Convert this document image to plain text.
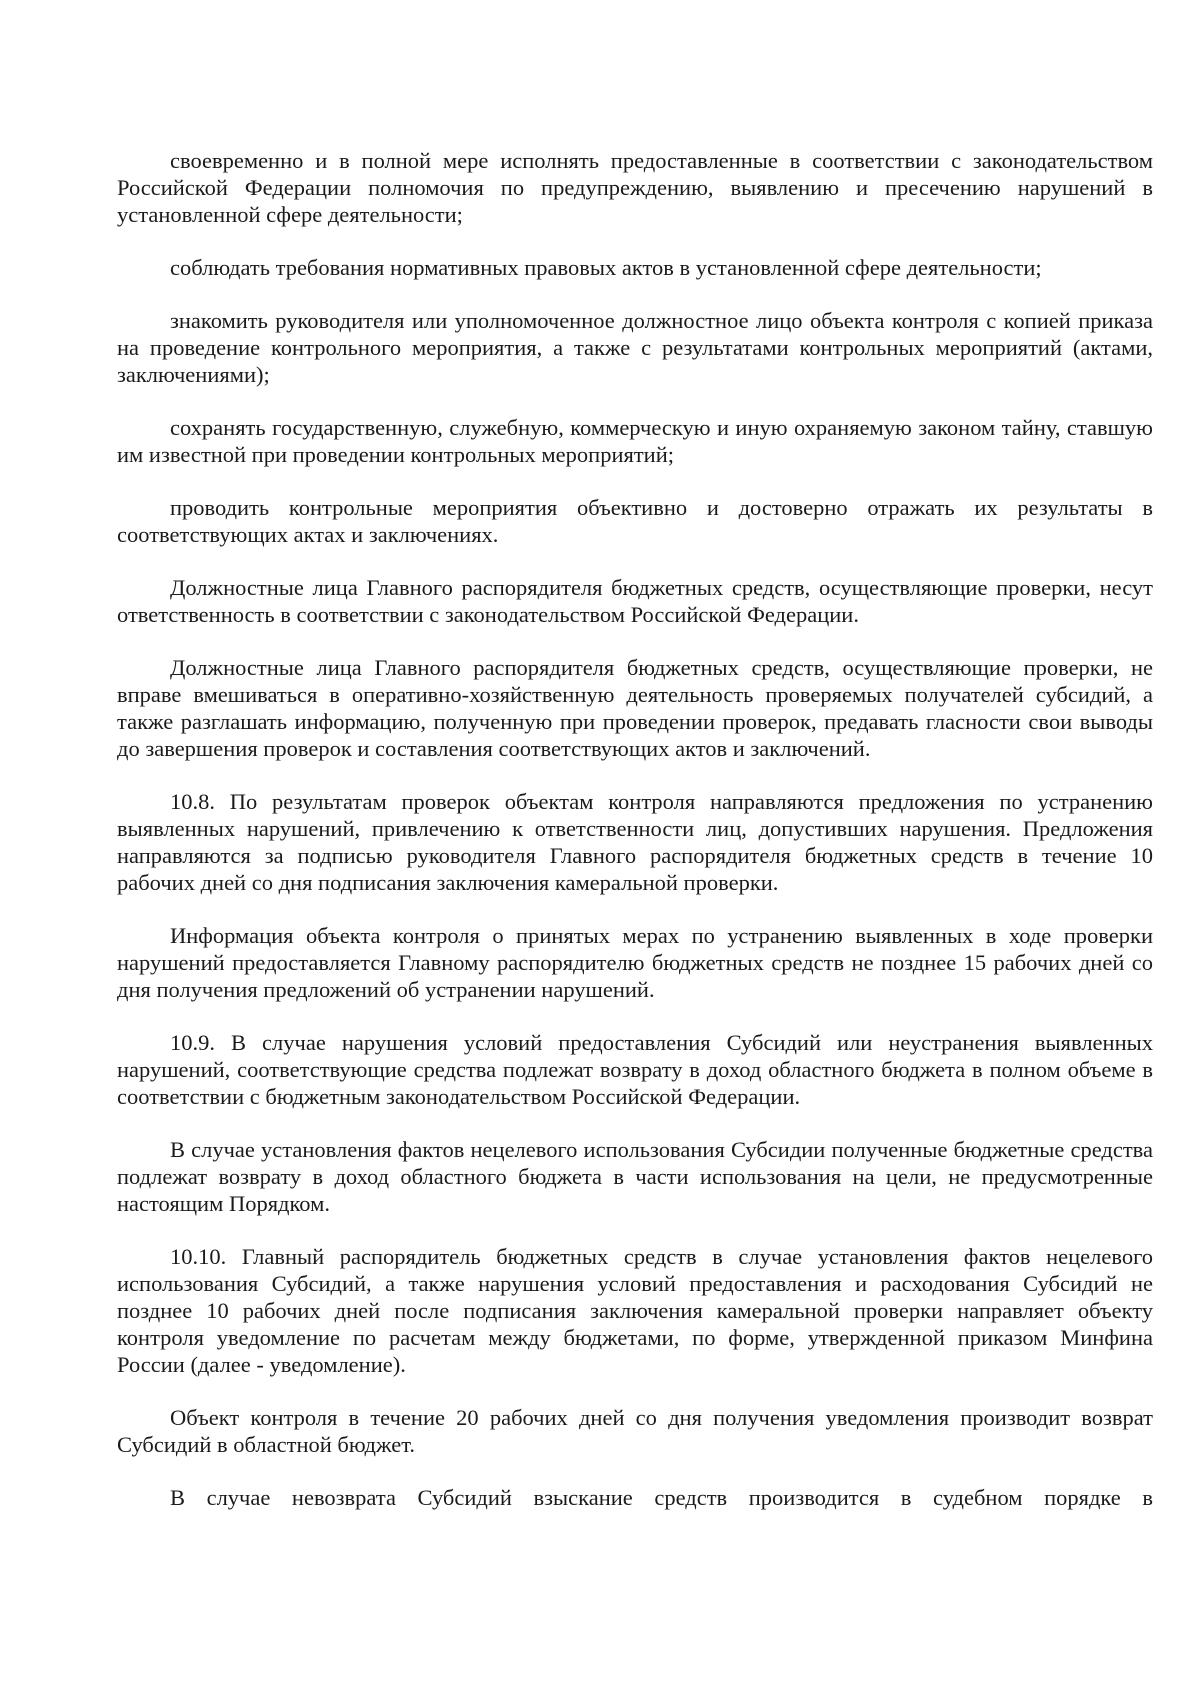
своевременно и в полной мере исполнять предоставленные в соответствии с законодательством Российской Федерации полномочия по предупреждению, выявлению и пресечению нарушений в установленной сфере деятельности;

соблюдать требования нормативных правовых актов в установленной сфере деятельности;

знакомить руководителя или уполномоченное должностное лицо объекта контроля с копией приказа на проведение контрольного мероприятия, а также с результатами контрольных мероприятий (актами, заключениями);

сохранять государственную, служебную, коммерческую и иную охраняемую законом тайну, ставшую им известной при проведении контрольных мероприятий;

проводить контрольные мероприятия объективно и достоверно отражать их результаты в соответствующих актах и заключениях.

Должностные лица Главного распорядителя бюджетных средств, осуществляющие проверки, несут ответственность в соответствии с законодательством Российской Федерации.

Должностные лица Главного распорядителя бюджетных средств, осуществляющие проверки, не вправе вмешиваться в оперативно-хозяйственную деятельность проверяемых получателей субсидий, а также разглашать информацию, полученную при проведении проверок, предавать гласности свои выводы до завершения проверок и составления соответствующих актов и заключений.

10.8. По результатам проверок объектам контроля направляются предложения по устранению выявленных нарушений, привлечению к ответственности лиц, допустивших нарушения. Предложения направляются за подписью руководителя Главного распорядителя бюджетных средств в течение 10 рабочих дней со дня подписания заключения камеральной проверки.

Информация объекта контроля о принятых мерах по устранению выявленных в ходе проверки нарушений предоставляется Главному распорядителю бюджетных средств не позднее 15 рабочих дней со дня получения предложений об устранении нарушений.

10.9. В случае нарушения условий предоставления Субсидий или неустранения выявленных нарушений, соответствующие средства подлежат возврату в доход областного бюджета в полном объеме в соответствии с бюджетным законодательством Российской Федерации.

В случае установления фактов нецелевого использования Субсидии полученные бюджетные средства подлежат возврату в доход областного бюджета в части использования на цели, не предусмотренные настоящим Порядком.

10.10. Главный распорядитель бюджетных средств в случае установления фактов нецелевого использования Субсидий, а также нарушения условий предоставления и расходования Субсидий не позднее 10 рабочих дней после подписания заключения камеральной проверки направляет объекту контроля уведомление по расчетам между бюджетами, по форме, утвержденной приказом Минфина России (далее - уведомление).

Объект контроля в течение 20 рабочих дней со дня получения уведомления производит возврат Субсидий в областной бюджет.

В случае невозврата Субсидий взыскание средств производится в судебном порядке в
